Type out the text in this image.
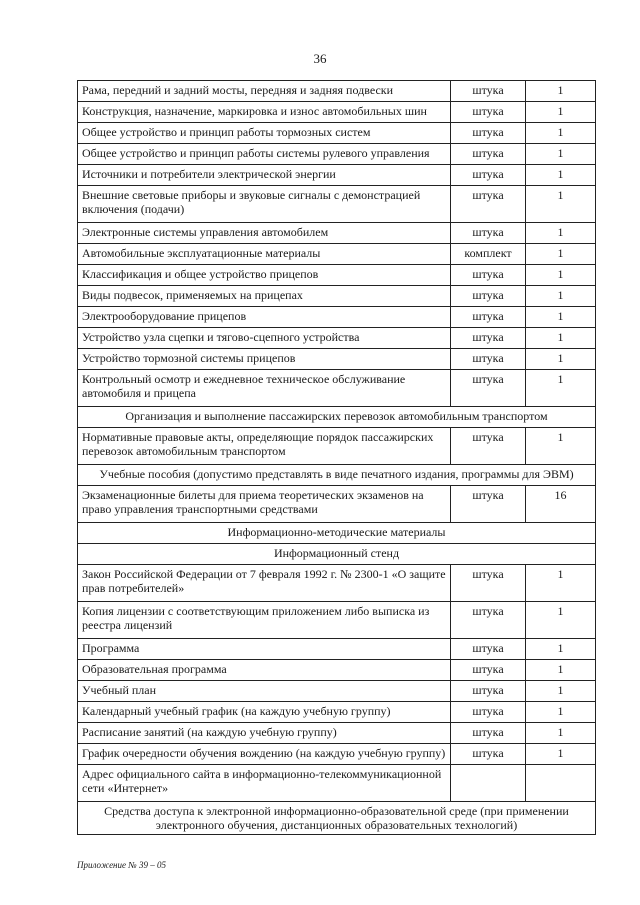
36
Рама, передний и задний мосты, передняя и задняя подвески	штука	1
Конструкция, назначение, маркировка и износ автомобильных шин	штука	1
Общее устройство и принцип работы тормозных систем	штука	1
Общее устройство и принцип работы системы рулевого управления	штука	1
Источники и потребители электрической энергии	штука	1
Внешние световые приборы и звуковые сигналы с демонстрацией включения (подачи)	штука	1
Электронные системы управления автомобилем	штука	1
Автомобильные эксплуатационные материалы	комплект	1
Классификация и общее устройство прицепов	штука	1
Виды подвесок, применяемых на прицепах	штука	1
Электрооборудование прицепов	штука	1
Устройство узла сцепки и тягово-сцепного устройства	штука	1
Устройство тормозной системы прицепов	штука	1
Контрольный осмотр и ежедневное техническое обслуживание автомобиля и прицепа	штука	1
Организация и выполнение пассажирских перевозок автомобильным транспортом		
Нормативные правовые акты, определяющие порядок пассажирских перевозок автомобильным транспортом	штука	1
Учебные пособия (допустимо представлять в виде печатного издания, программы для ЭВМ)		
Экзаменационные билеты для приема теоретических экзаменов на право управления транспортными средствами	штука	16
Информационно-методические материалы		
Информационный стенд		
Закон Российской Федерации от 7 февраля 1992 г. № 2300-1 «О защите прав потребителей»	штука	1
Копия лицензии с соответствующим приложением либо выписка из реестра лицензий	штука	1
Программа	штука	1
Образовательная программа	штука	1
Учебный план	штука	1
Календарный учебный график (на каждую учебную группу)	штука	1
Расписание занятий (на каждую учебную группу)	штука	1
График очередности обучения вождению (на каждую учебную группу)	штука	1
Адрес официального сайта в информационно-телекоммуникационной сети «Интернет»		
Средства доступа к электронной информационно-образовательной среде (при применении электронного обучения, дистанционных образовательных технологий)		
Приложение № 39 – 05
